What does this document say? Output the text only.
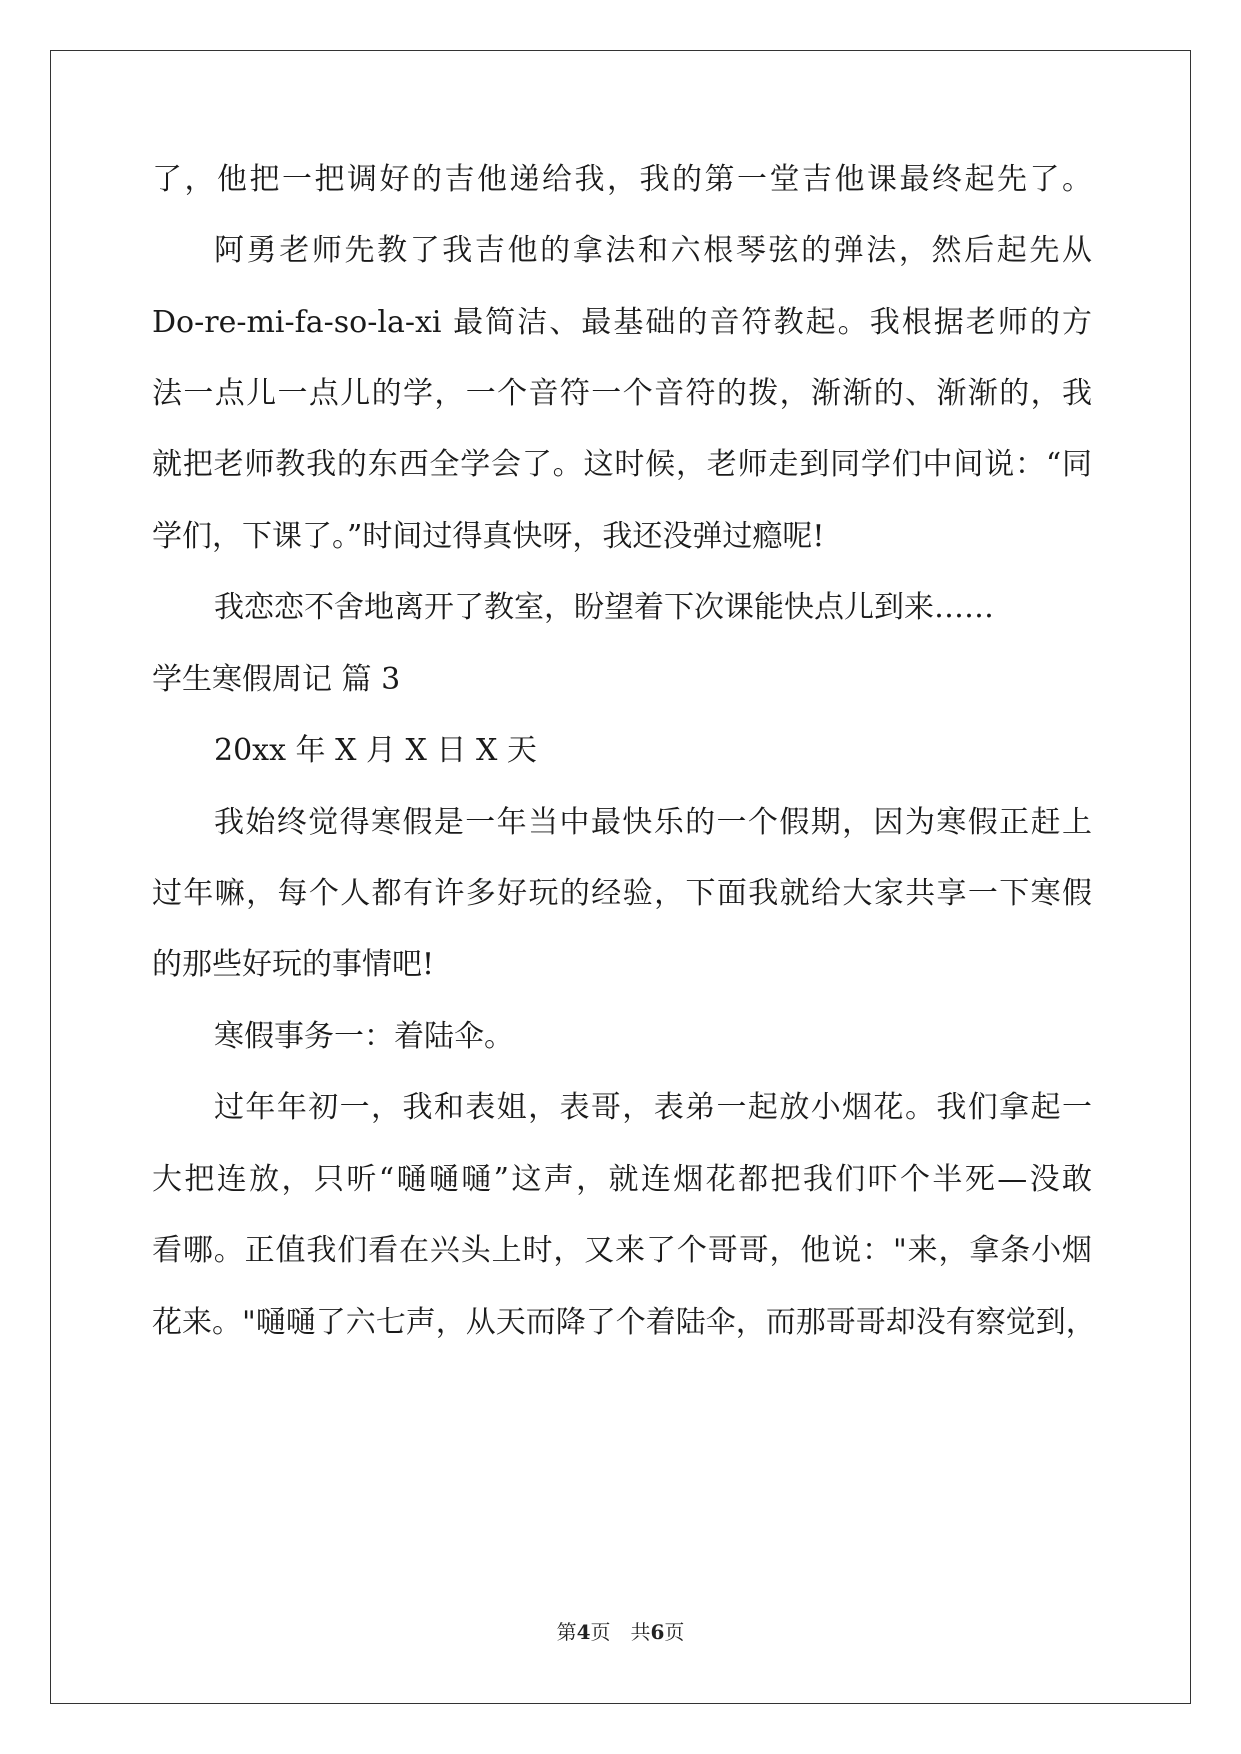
了，他把一把调好的吉他递给我，我的第一堂吉他课最终起先了。
阿勇老师先教了我吉他的拿法和六根琴弦的弹法，然后起先从
Do-re-mi-fa-so-la-xi 最简洁、最基础的音符教起。我根据老师的方
法一点儿一点儿的学，一个音符一个音符的拨，渐渐的、渐渐的，我
就把老师教我的东西全学会了。这时候，老师走到同学们中间说：“同
学们，下课了。”时间过得真快呀，我还没弹过瘾呢!
我恋恋不舍地离开了教室，盼望着下次课能快点儿到来……
学生寒假周记 篇 3
20xx 年 X 月 X 日 X 天
我始终觉得寒假是一年当中最快乐的一个假期，因为寒假正赶上
过年嘛，每个人都有许多好玩的经验，下面我就给大家共享一下寒假
的那些好玩的事情吧!
寒假事务一：着陆伞。
过年年初一，我和表姐，表哥，表弟一起放小烟花。我们拿起一
大把连放，只听“嗵嗵嗵”这声，就连烟花都把我们吓个半死—没敢
看哪。正值我们看在兴头上时，又来了个哥哥，他说："来，拿条小烟
花来。"嗵嗵了六七声，从天而降了个着陆伞，而那哥哥却没有察觉到，
第4页　共6页
